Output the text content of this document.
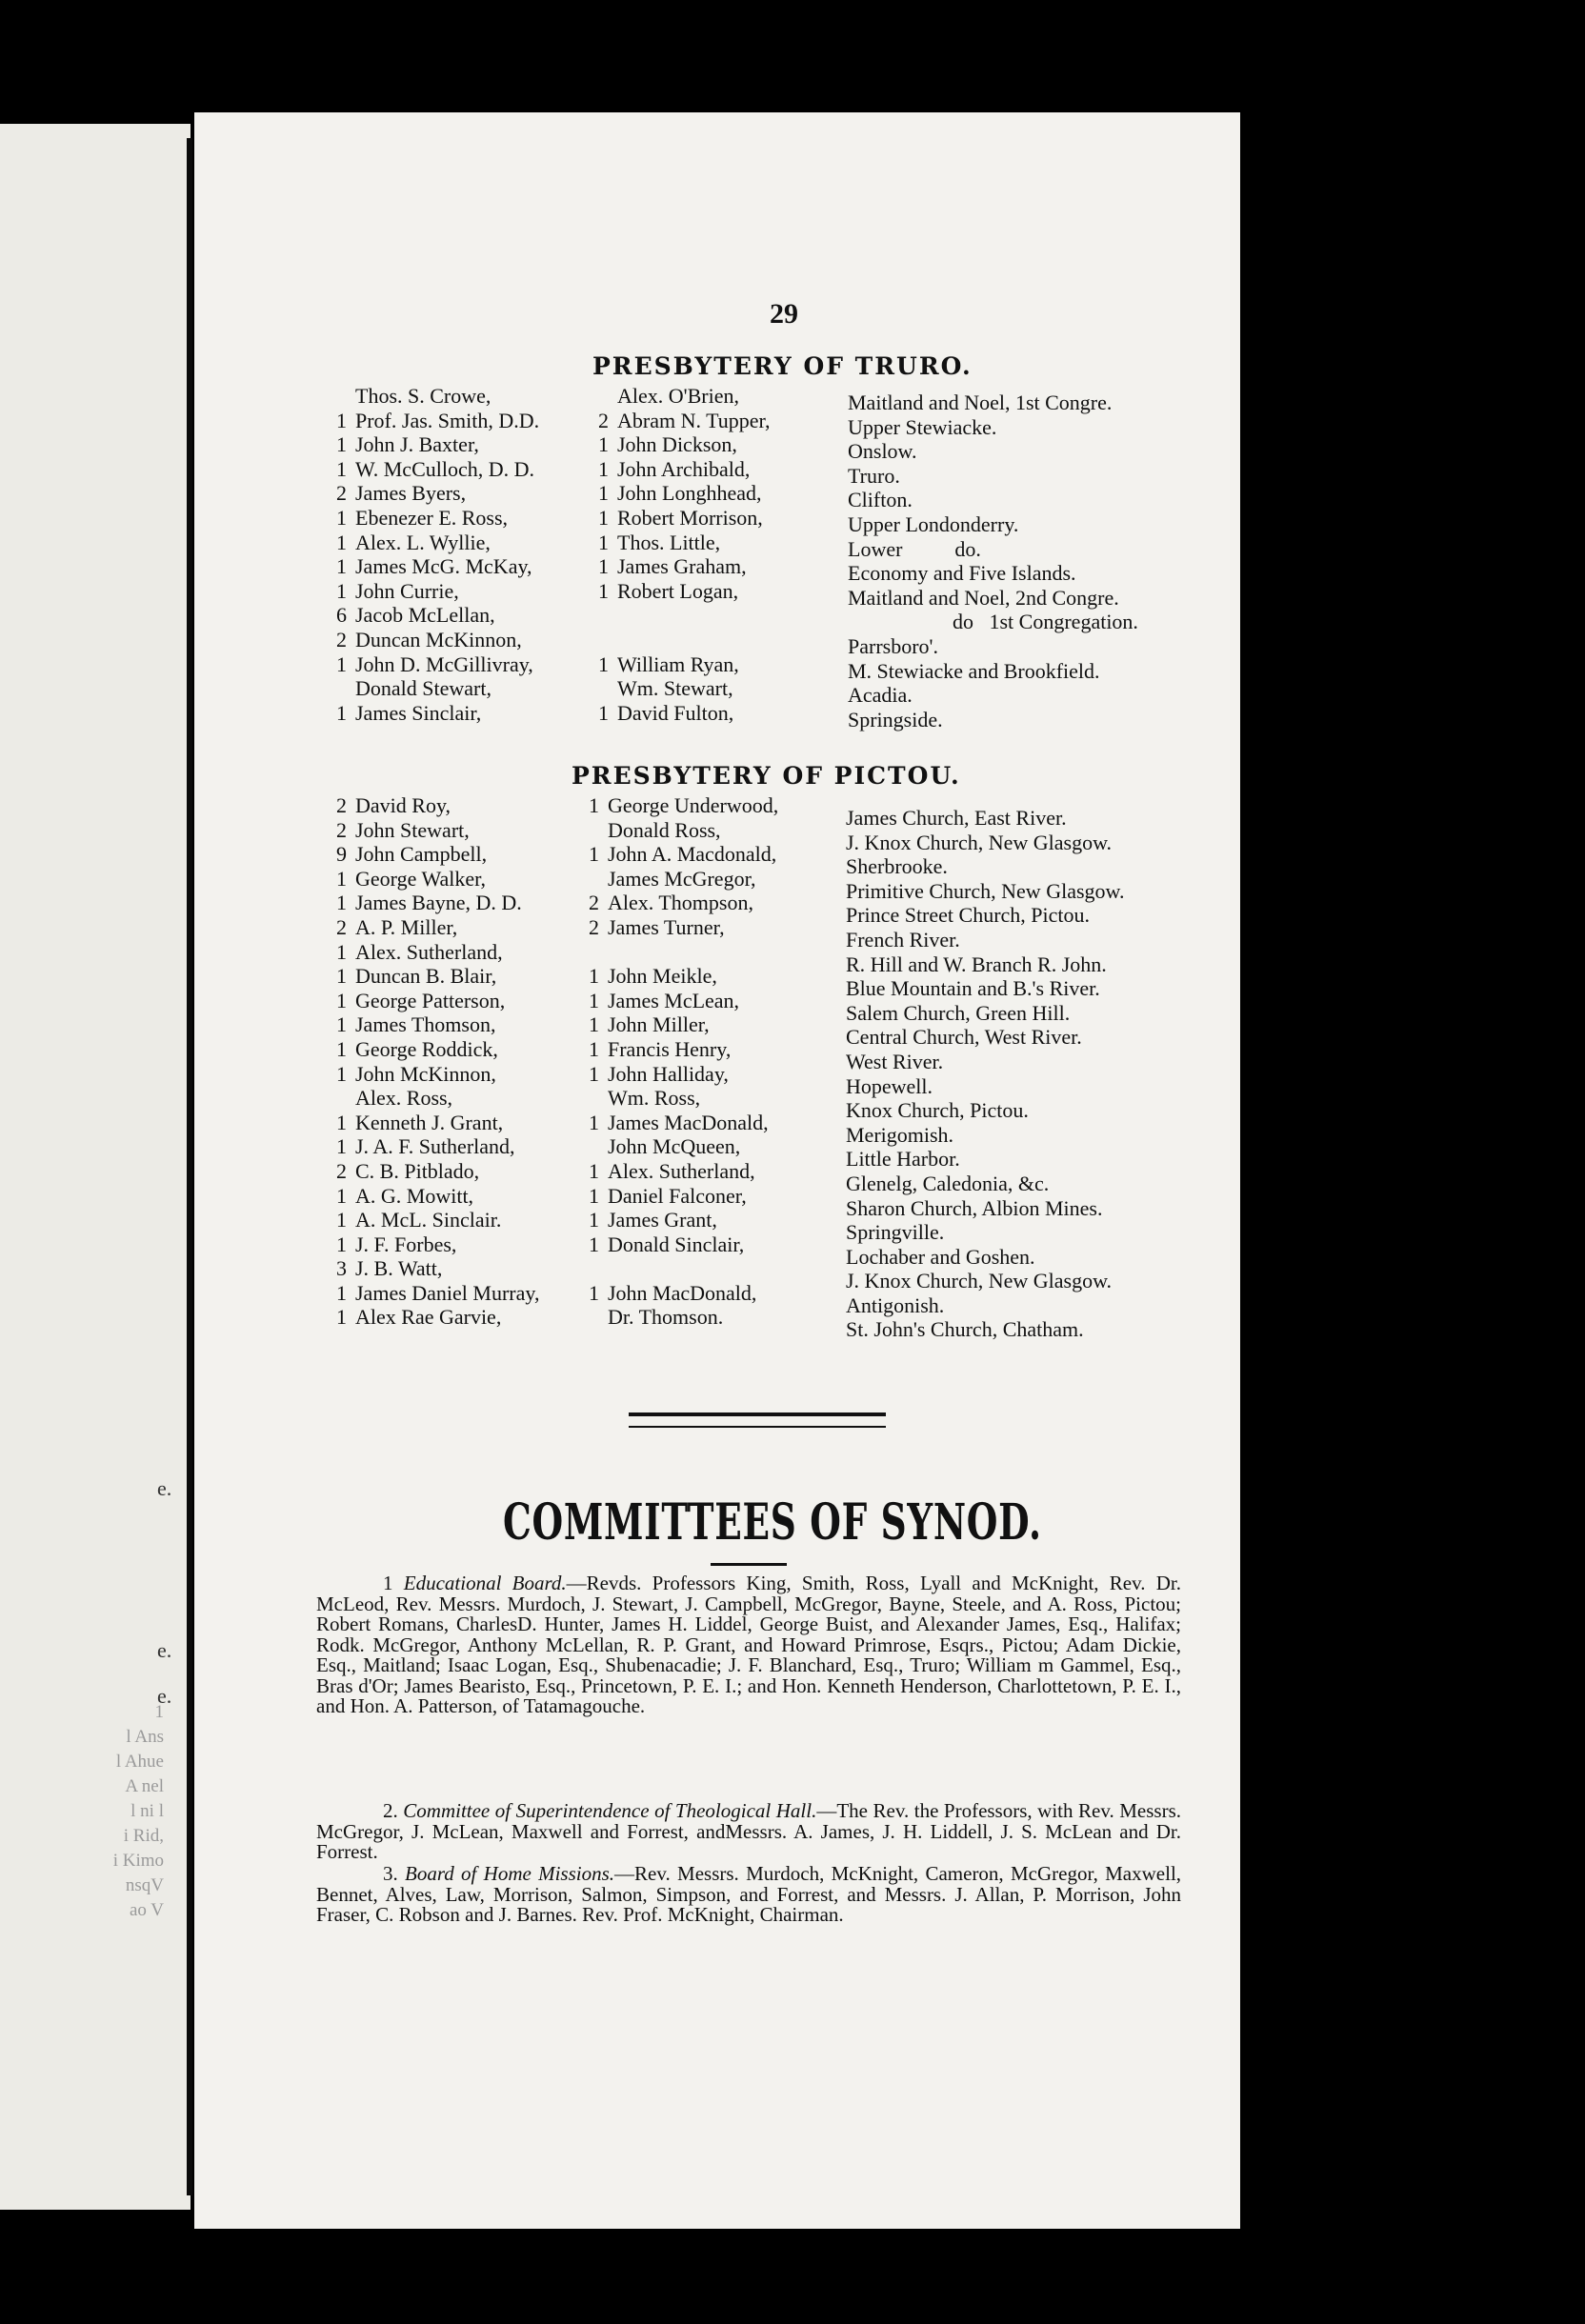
1
l Ans
l Ahue
A nel
l ni l
i Rid,
i Kimo
nsqV
ao V
e.
e.
e.
29
PRESBYTERY OF TRURO.
Thos. S. Crowe,
1 Prof. Jas. Smith, D.D.
1 John J. Baxter,
1 W. McCulloch, D. D.
2 James Byers,
1 Ebenezer E. Ross,
1 Alex. L. Wyllie,
1 James McG. McKay,
1 John Currie,
6 Jacob McLellan,
2 Duncan McKinnon,
1 John D. McGillivray,
Donald Stewart,
1 James Sinclair,
Alex. O'Brien,
2 Abram N. Tupper,
1 John Dickson,
1 John Archibald,
1 John Longhhead,
1 Robert Morrison,
1 Thos. Little,
1 James Graham,
1 Robert Logan,
1 William Ryan,
Wm. Stewart,
1 David Fulton,
Maitland and Noel, 1st Congre.
Upper Stewiacke.
Onslow.
Truro.
Clifton.
Upper Londonderry.
Lower          do.
Economy and Five Islands.
Maitland and Noel, 2nd Congre.
do   1st Congregation.
Parrsboro'.
M. Stewiacke and Brookfield.
Acadia.
Springside.
PRESBYTERY OF PICTOU.
2 David Roy,
2 John Stewart,
9 John Campbell,
1 George Walker,
1 James Bayne, D. D.
2 A. P. Miller,
1 Alex. Sutherland,
1 Duncan B. Blair,
1 George Patterson,
1 James Thomson,
1 George Roddick,
1 John McKinnon,
Alex. Ross,
1 Kenneth J. Grant,
1 J. A. F. Sutherland,
2 C. B. Pitblado,
1 A. G. Mowitt,
1 A. McL. Sinclair.
1 J. F. Forbes,
3 J. B. Watt,
1 James Daniel Murray,
1 Alex Rae Garvie,
1 George Underwood,
Donald Ross,
1 John A. Macdonald,
James McGregor,
2 Alex. Thompson,
2 James Turner,
1 John Meikle,
1 James McLean,
1 John Miller,
1 Francis Henry,
1 John Halliday,
Wm. Ross,
1 James MacDonald,
John McQueen,
1 Alex. Sutherland,
1 Daniel Falconer,
1 James Grant,
1 Donald Sinclair,
1 John MacDonald,
Dr. Thomson.
James Church, East River.
J. Knox Church, New Glasgow.
Sherbrooke.
Primitive Church, New Glasgow.
Prince Street Church, Pictou.
French River.
R. Hill and W. Branch R. John.
Blue Mountain and B.'s River.
Salem Church, Green Hill.
Central Church, West River.
West River.
Hopewell.
Knox Church, Pictou.
Merigomish.
Little Harbor.
Glenelg, Caledonia, &c.
Sharon Church, Albion Mines.
Springville.
Lochaber and Goshen.
J. Knox Church, New Glasgow.
Antigonish.
St. John's Church, Chatham.
COMMITTEES OF SYNOD.
1 Educational Board.—Revds. Professors King, Smith, Ross, Lyall and McKnight, Rev. Dr. McLeod, Rev. Messrs. Murdoch, J. Stewart, J. Campbell, McGregor, Bayne, Steele, and A. Ross, Pictou; Robert Romans, CharlesD. Hunter, James H. Liddel, George Buist, and Alexander James, Esq., Halifax; Rodk. McGregor, Anthony McLellan, R. P. Grant, and Howard Primrose, Esqrs., Pictou; Adam Dickie, Esq., Maitland; Isaac Logan, Esq., Shubenacadie; J. F. Blanchard, Esq., Truro; William m Gammel, Esq., Bras d'Or; James Bearisto, Esq., Princetown, P. E. I.; and Hon. Kenneth Henderson, Charlottetown, P. E. I., and Hon. A. Patterson, of Tatamagouche.
2. Committee of Superintendence of Theological Hall.—The Rev. the Professors, with Rev. Messrs. McGregor, J. McLean, Maxwell and Forrest, andMessrs. A. James, J. H. Liddell, J. S. McLean and Dr. Forrest.
3. Board of Home Missions.—Rev. Messrs. Murdoch, McKnight, Cameron, McGregor, Maxwell, Bennet, Alves, Law, Morrison, Salmon, Simpson, and Forrest, and Messrs. J. Allan, P. Morrison, John Fraser, C. Robson and J. Barnes. Rev. Prof. McKnight, Chairman.
